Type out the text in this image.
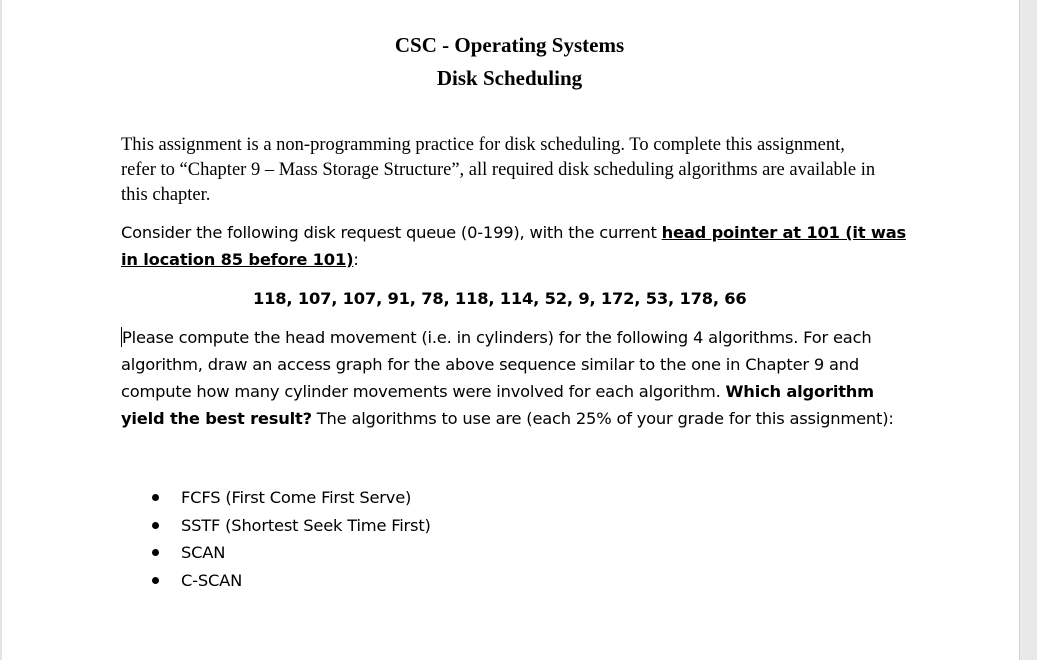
CSC - Operating Systems
Disk Scheduling

This assignment is a non-programming practice for disk scheduling. To complete this assignment, refer to “Chapter 9 – Mass Storage Structure”, all required disk scheduling algorithms are available in this chapter.

Consider the following disk request queue (0-199), with the current head pointer at 101 (it was in location 85 before 101):

118, 107, 107, 91, 78, 118, 114, 52, 9, 172, 53, 178, 66

Please compute the head movement (i.e. in cylinders) for the following 4 algorithms. For each algorithm, draw an access graph for the above sequence similar to the one in Chapter 9 and compute how many cylinder movements were involved for each algorithm. Which algorithm yield the best result? The algorithms to use are (each 25% of your grade for this assignment):

FCFS (First Come First Serve)
SSTF (Shortest Seek Time First)
SCAN
C-SCAN
